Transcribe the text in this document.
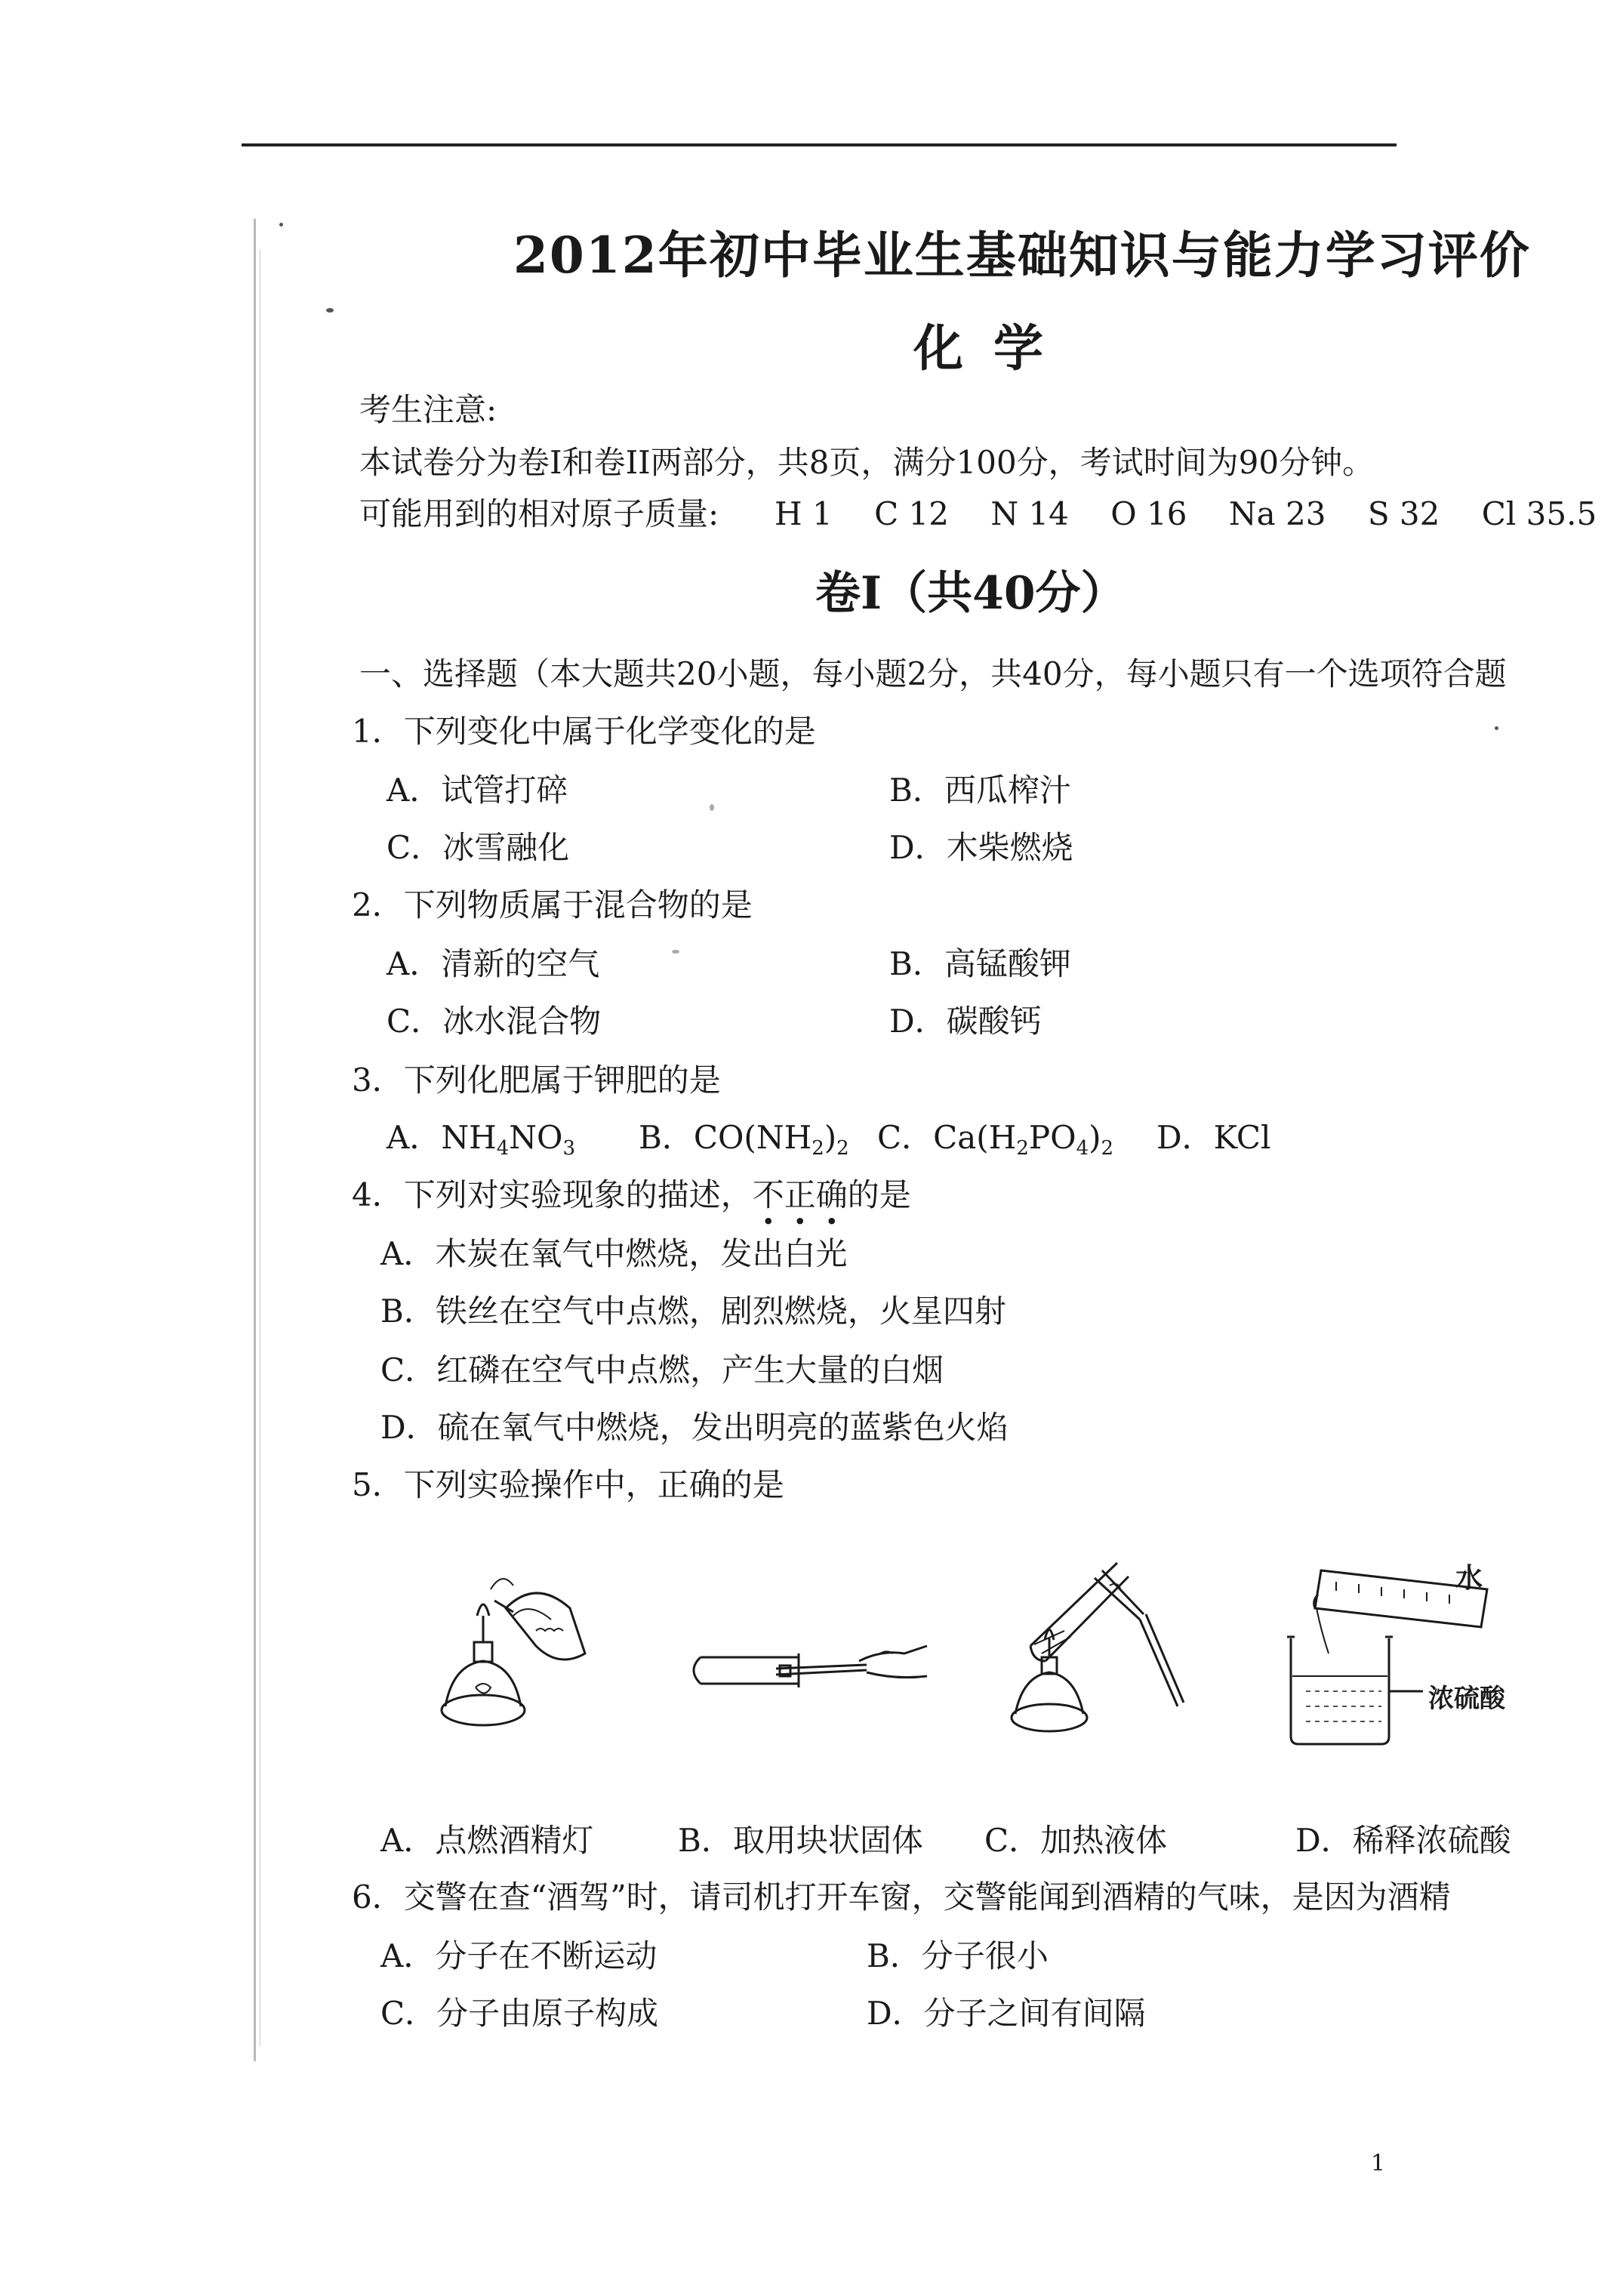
2012年初中毕业生基础知识与能力学习评价
化学
考生注意:
本试卷分为卷I和卷II两部分，共8页，满分100分，考试时间为90分钟。
可能用到的相对原子质量: H 1 C 12 N 14 O 16 Na 23 S 32 Cl 35.5
卷I（共40分）
一、选择题（本大题共20小题，每小题2分，共40分，每小题只有一个选项符合题
1．下列变化中属于化学变化的是
A．试管打碎	B．西瓜榨汁
C．冰雪融化	D．木柴燃烧
2．下列物质属于混合物的是
A．清新的空气	B．高锰酸钾
C．冰水混合物	D．碳酸钙
3．下列化肥属于钾肥的是
A．$NH_4NO_3$ B．$CO(NH_2)_2$ C．$Ca(H_2PO_4)_2$ D．KCl
4．下列对实验现象的描述，不正确的是
A．木炭在氧气中燃烧，发出白光
B．铁丝在空气中点燃，剧烈燃烧，火星四射
C．红磷在空气中点燃，产生大量的白烟
D．硫在氧气中燃烧，发出明亮的蓝紫色火焰
5．下列实验操作中，正确的是
水
浓硫酸
A．点燃酒精灯	B．取用块状固体 C．加热液体	D．稀释浓硫酸
6．交警在查“酒驾”时，请司机打开车窗，交警能闻到酒精的气味，是因为酒精
A．分子在不断运动	B．分子很小
C．分子由原子构成	D．分子之间有间隔
1
